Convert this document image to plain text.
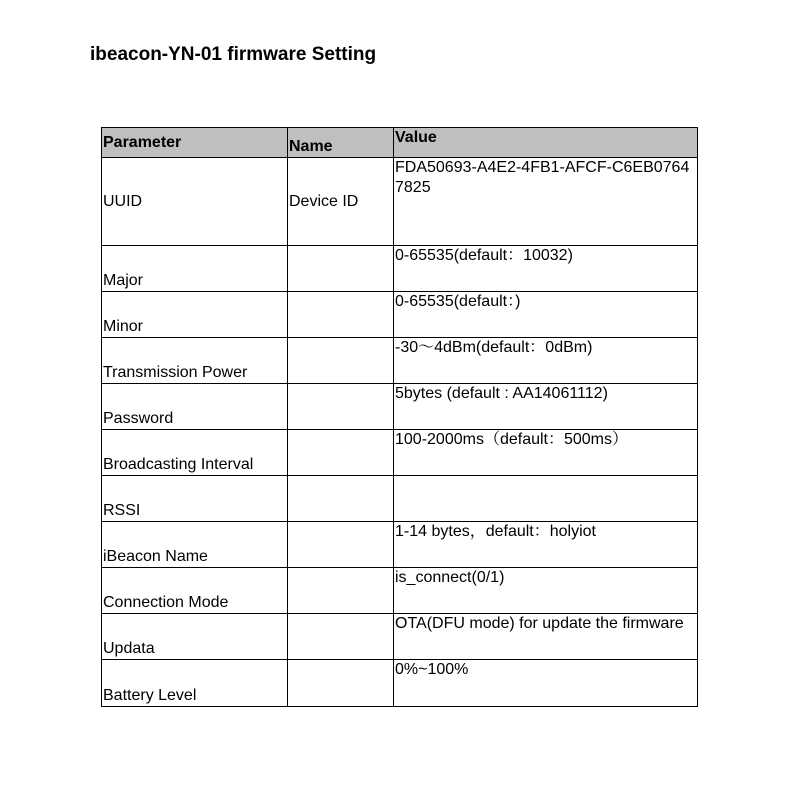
ibeacon-YN-01 firmware Setting
Parameter	Name	Value
UUID	Device ID	FDA50693-A4E2-4FB1-AFCF-C6EB07647825
Major		0-65535(default：10032)
Minor		0-65535(default：)
Transmission Power		-30～4dBm(default：0dBm)
Password		5bytes (default : AA14061112)
Broadcasting Interval		100-2000ms（default：500ms）
RSSI		
iBeacon Name		1-14 bytes，default：holyiot
Connection Mode		is_connect(0/1)
Updata		OTA(DFU mode) for update the firmware
Battery Level		0%~100%
